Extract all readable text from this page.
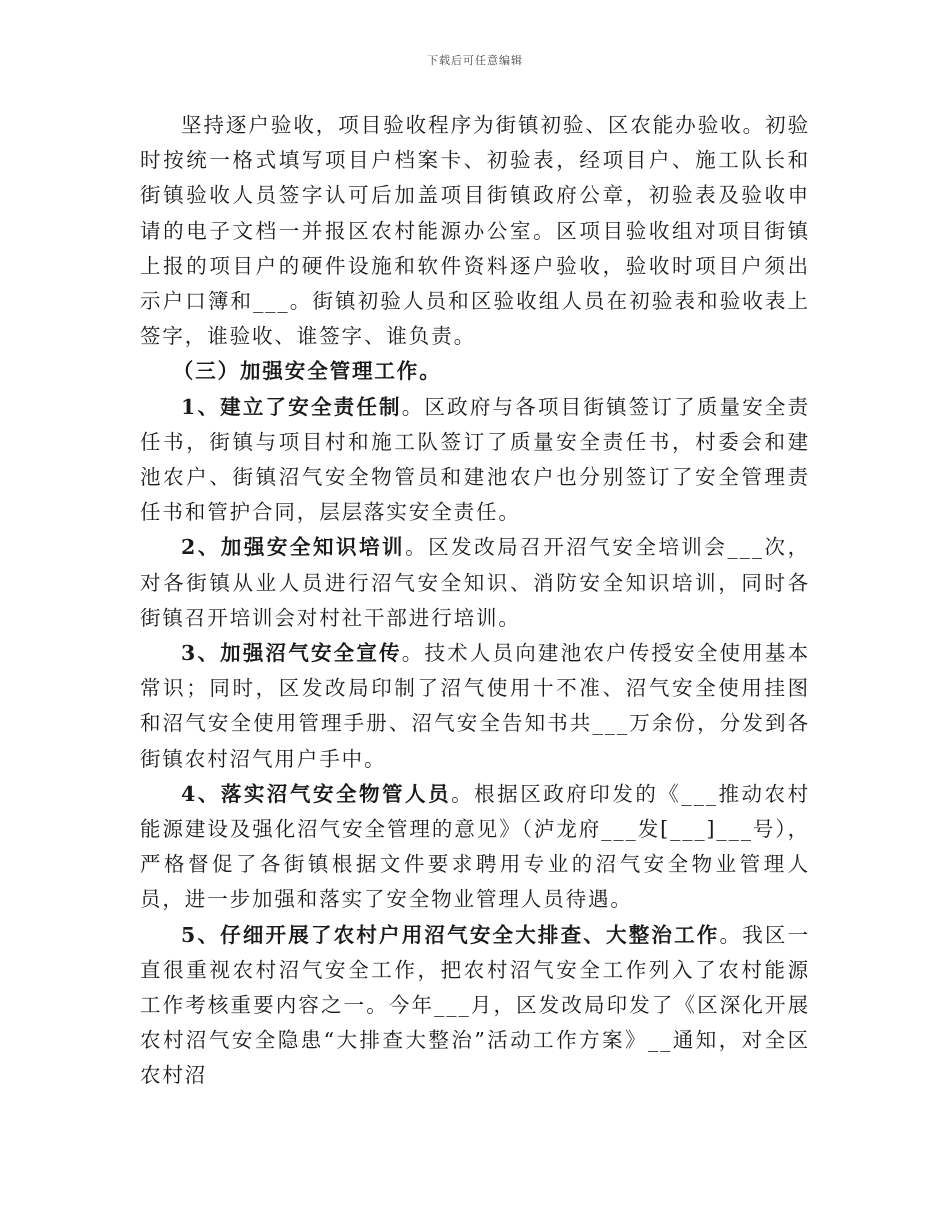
下载后可任意编辑

坚持逐户验收，项目验收程序为街镇初验、区农能办验收。初验时按统一格式填写项目户档案卡、初验表，经项目户、施工队长和街镇验收人员签字认可后加盖项目街镇政府公章，初验表及验收申请的电子文档一并报区农村能源办公室。区项目验收组对项目街镇上报的项目户的硬件设施和软件资料逐户验收，验收时项目户须出示户口簿和___。街镇初验人员和区验收组人员在初验表和验收表上签字，谁验收、谁签字、谁负责。

（三）加强安全管理工作。

1、建立了安全责任制。区政府与各项目街镇签订了质量安全责任书，街镇与项目村和施工队签订了质量安全责任书，村委会和建池农户、街镇沼气安全物管员和建池农户也分别签订了安全管理责任书和管护合同，层层落实安全责任。

2、加强安全知识培训。区发改局召开沼气安全培训会___次，对各街镇从业人员进行沼气安全知识、消防安全知识培训，同时各街镇召开培训会对村社干部进行培训。

3、加强沼气安全宣传。技术人员向建池农户传授安全使用基本常识；同时，区发改局印制了沼气使用十不准、沼气安全使用挂图和沼气安全使用管理手册、沼气安全告知书共___万余份，分发到各街镇农村沼气用户手中。

4、落实沼气安全物管人员。根据区政府印发的《___推动农村能源建设及强化沼气安全管理的意见》（泸龙府___发[___]___号），严格督促了各街镇根据文件要求聘用专业的沼气安全物业管理人员，进一步加强和落实了安全物业管理人员待遇。

5、仔细开展了农村户用沼气安全大排查、大整治工作。我区一直很重视农村沼气安全工作，把农村沼气安全工作列入了农村能源工作考核重要内容之一。今年___月，区发改局印发了《区深化开展农村沼气安全隐患“大排查大整治”活动工作方案》__通知，对全区农村沼
